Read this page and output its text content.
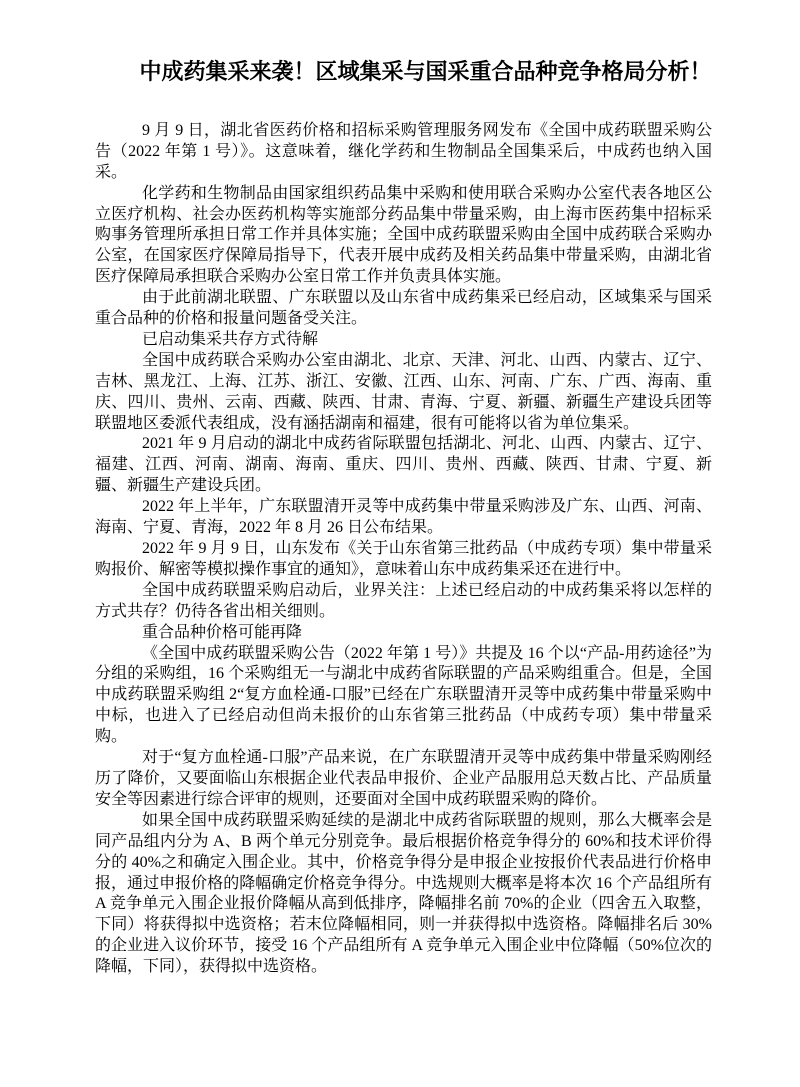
中成药集采来袭！区域集采与国采重合品种竞争格局分析！

9 月 9 日，湖北省医药价格和招标采购管理服务网发布《全国中成药联盟采购公告（2022 年第 1 号）》。这意味着，继化学药和生物制品全国集采后，中成药也纳入国采。

化学药和生物制品由国家组织药品集中采购和使用联合采购办公室代表各地区公立医疗机构、社会办医药机构等实施部分药品集中带量采购，由上海市医药集中招标采购事务管理所承担日常工作并具体实施；全国中成药联盟采购由全国中成药联合采购办公室，在国家医疗保障局指导下，代表开展中成药及相关药品集中带量采购，由湖北省医疗保障局承担联合采购办公室日常工作并负责具体实施。

由于此前湖北联盟、广东联盟以及山东省中成药集采已经启动，区域集采与国采重合品种的价格和报量问题备受关注。

已启动集采共存方式待解

全国中成药联合采购办公室由湖北、北京、天津、河北、山西、内蒙古、辽宁、吉林、黑龙江、上海、江苏、浙江、安徽、江西、山东、河南、广东、广西、海南、重庆、四川、贵州、云南、西藏、陕西、甘肃、青海、宁夏、新疆、新疆生产建设兵团等联盟地区委派代表组成，没有涵括湖南和福建，很有可能将以省为单位集采。

2021 年 9 月启动的湖北中成药省际联盟包括湖北、河北、山西、内蒙古、辽宁、福建、江西、河南、湖南、海南、重庆、四川、贵州、西藏、陕西、甘肃、宁夏、新疆、新疆生产建设兵团。

2022 年上半年，广东联盟清开灵等中成药集中带量采购涉及广东、山西、河南、海南、宁夏、青海，2022 年 8 月 26 日公布结果。

2022 年 9 月 9 日，山东发布《关于山东省第三批药品（中成药专项）集中带量采购报价、解密等模拟操作事宜的通知》，意味着山东中成药集采还在进行中。

全国中成药联盟采购启动后，业界关注：上述已经启动的中成药集采将以怎样的方式共存？仍待各省出相关细则。

重合品种价格可能再降

《全国中成药联盟采购公告（2022 年第 1 号）》共提及 16 个以“产品-用药途径”为分组的采购组，16 个采购组无一与湖北中成药省际联盟的产品采购组重合。但是，全国中成药联盟采购组 2“复方血栓通-口服”已经在广东联盟清开灵等中成药集中带量采购中中标，也进入了已经启动但尚未报价的山东省第三批药品（中成药专项）集中带量采购。

对于“复方血栓通-口服”产品来说，在广东联盟清开灵等中成药集中带量采购刚经历了降价，又要面临山东根据企业代表品申报价、企业产品服用总天数占比、产品质量安全等因素进行综合评审的规则，还要面对全国中成药联盟采购的降价。

如果全国中成药联盟采购延续的是湖北中成药省际联盟的规则，那么大概率会是同产品组内分为 A、B 两个单元分别竞争。最后根据价格竞争得分的 60%和技术评价得分的 40%之和确定入围企业。其中，价格竞争得分是申报企业按报价代表品进行价格申报，通过申报价格的降幅确定价格竞争得分。中选规则大概率是将本次 16 个产品组所有 A 竞争单元入围企业报价降幅从高到低排序，降幅排名前 70%的企业（四舍五入取整，下同）将获得拟中选资格；若末位降幅相同，则一并获得拟中选资格。降幅排名后 30%的企业进入议价环节，接受 16 个产品组所有 A 竞争单元入围企业中位降幅（50%位次的降幅，下同），获得拟中选资格。
